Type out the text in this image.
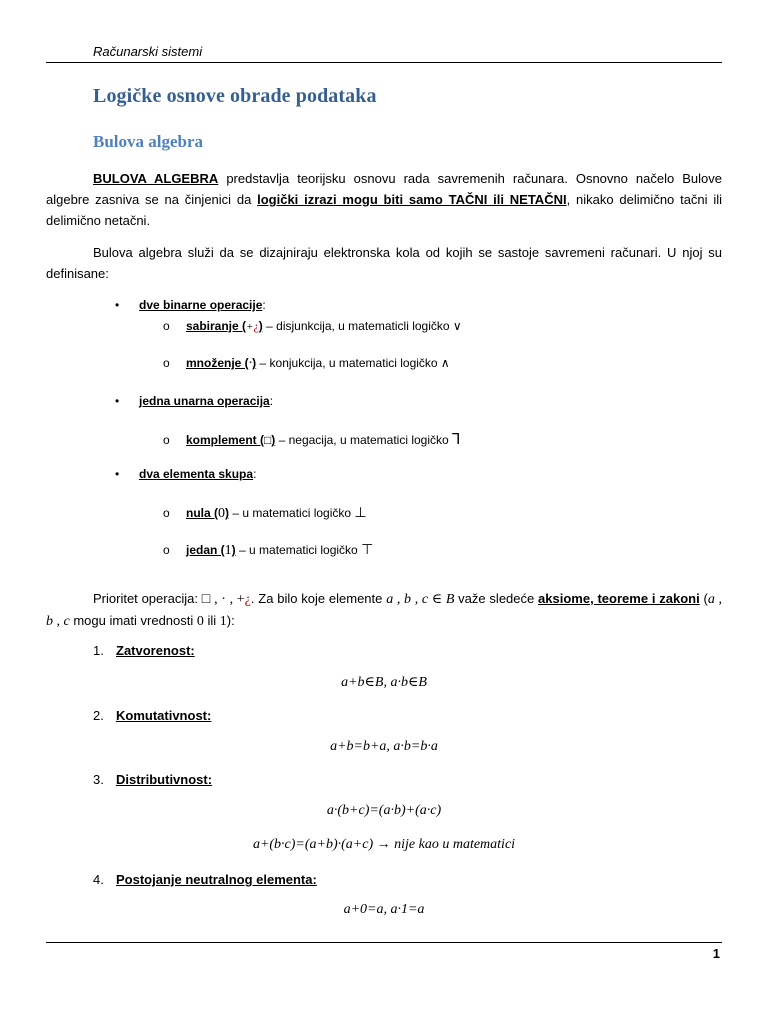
Računarski sistemi
Logičke osnove obrade podataka
Bulova algebra
BULOVA ALGEBRA predstavlja teorijsku osnovu rada savremenih računara. Osnovno načelo Bulove algebre zasniva se na činjenici da logički izrazi mogu biti samo TAČNI ili NETAČNI, nikako delimično tačni ili delimično netačni.
Bulova algebra služi da se dizajniraju elektronska kola od kojih se sastoje savremeni računari. U njoj su definisane:
• dve binarne operacije:
o sabiranje (+¿) – disjunkcija, u matematicli logičko ∨
o množenje (·) – konjukcija, u matematici logičko ∧
• jedna unarna operacija:
o komplement (□) – negacija, u matematici logičko ⅂
• dva elementa skupa:
o nula (0) – u matematici logičko ⊥
o jedan (1) – u matematici logičko ⊤
Prioritet operacija: □ , · , +¿. Za bilo koje elemente a , b , c ∈ B važe sledeće aksiome, teoreme i zakoni (a , b , c mogu imati vrednosti 0 ili 1):
1. Zatvorenost:
a+b∈B, a·b∈B
2. Komutativnost:
a+b=b+a, a·b=b·a
3. Distributivnost:
a·(b+c)=(a·b)+(a·c)
a+(b·c)=(a+b)·(a+c) → nije kao u matematici
4. Postojanje neutralnog elementa:
a+0=a, a·1=a
1
